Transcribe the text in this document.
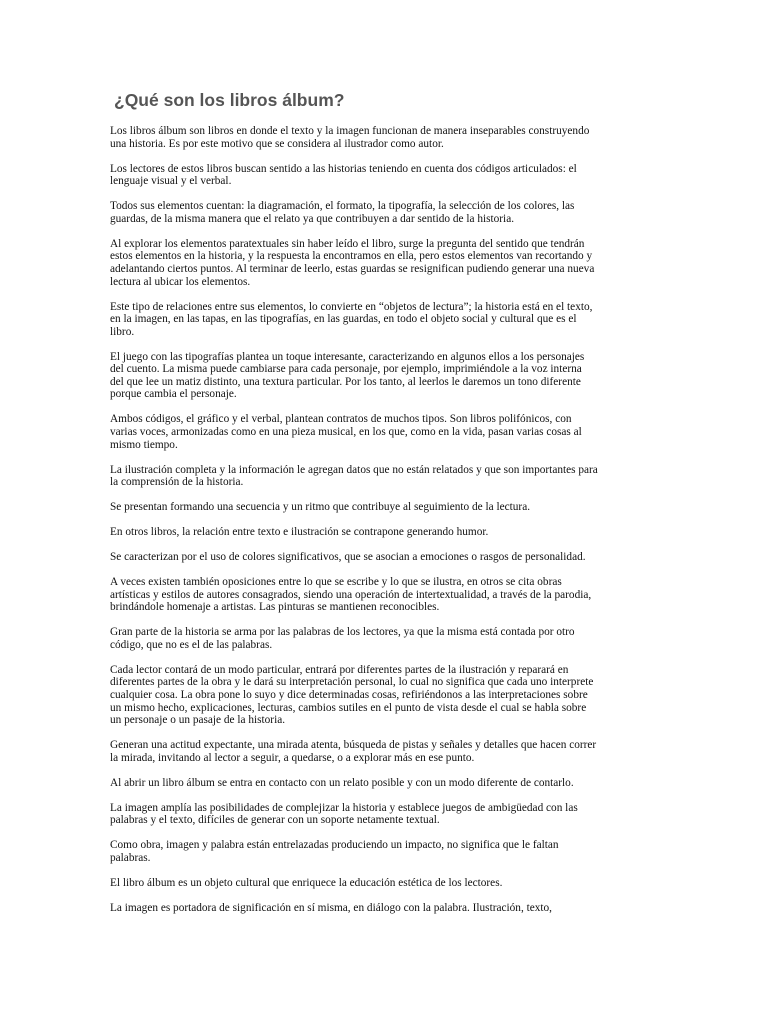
¿Qué son los libros álbum?

Los libros álbum son libros en donde el texto y la imagen funcionan de manera inseparables construyendo una historia. Es por este motivo que se considera al ilustrador como autor.

Los lectores de estos libros buscan sentido a las historias teniendo en cuenta dos códigos articulados: el lenguaje visual y el verbal.

Todos sus elementos cuentan: la diagramación, el formato, la tipografía, la selección de los colores, las guardas, de la misma manera que el relato ya que contribuyen a dar sentido de la historia.

Al explorar los elementos paratextuales sin haber leído el libro, surge la pregunta del sentido que tendrán estos elementos en la historia, y la respuesta la encontramos en ella, pero estos elementos van recortando y adelantando ciertos puntos. Al terminar de leerlo, estas guardas se resignifican pudiendo generar una nueva lectura al ubicar los elementos.

Este tipo de relaciones entre sus elementos, lo convierte en “objetos de lectura”; la historia está en el texto, en la imagen, en las tapas, en las tipografías, en las guardas, en todo el objeto social y cultural que es el libro.

El juego con las tipografías plantea un toque interesante, caracterizando en algunos ellos a los personajes del cuento. La misma puede cambiarse para cada personaje, por ejemplo, imprimiéndole a la voz interna del que lee un matiz distinto, una textura particular. Por los tanto, al leerlos le daremos un tono diferente porque cambia el personaje.

Ambos códigos, el gráfico y el verbal, plantean contratos de muchos tipos. Son libros polifónicos, con varias voces, armonizadas como en una pieza musical, en los que, como en la vida, pasan varias cosas al mismo tiempo.

La ilustración completa y la información le agregan datos que no están relatados y que son importantes para la comprensión de la historia.

Se presentan formando una secuencia y un ritmo que contribuye al seguimiento de la lectura.

En otros libros, la relación entre texto e ilustración se contrapone generando humor.

Se caracterizan por el uso de colores significativos, que se asocian a emociones o rasgos de personalidad.

A veces existen también oposiciones entre lo que se escribe y lo que se ilustra, en otros se cita obras artísticas y estilos de autores consagrados, siendo una operación de intertextualidad, a través de la parodia, brindándole homenaje a artistas. Las pinturas se mantienen reconocibles.

Gran parte de la historia se arma por las palabras de los lectores, ya que la misma está contada por otro código, que no es el de las palabras.

Cada lector contará de un modo particular, entrará por diferentes partes de la ilustración y reparará en diferentes partes de la obra y le dará su interpretación personal, lo cual no significa que cada uno interprete cualquier cosa. La obra pone lo suyo y dice determinadas cosas, refiriéndonos a las interpretaciones sobre un mismo hecho, explicaciones, lecturas, cambios sutiles en el punto de vista desde el cual se habla sobre un personaje o un pasaje de la historia.

Generan una actitud expectante, una mirada atenta, búsqueda de pistas y señales y detalles que hacen correr la mirada, invitando al lector a seguir, a quedarse, o a explorar más en ese punto.

Al abrir un libro álbum se entra en contacto con un relato posible y con un modo diferente de contarlo.

La imagen amplía las posibilidades de complejizar la historia y establece juegos de ambigüedad con las palabras y el texto, difíciles de generar con un soporte netamente textual.

Como obra, imagen y palabra están entrelazadas produciendo un impacto, no significa que le faltan palabras.

El libro álbum es un objeto cultural que enriquece la educación estética de los lectores.

La imagen es portadora de significación en sí misma, en diálogo con la palabra. Ilustración, texto,
